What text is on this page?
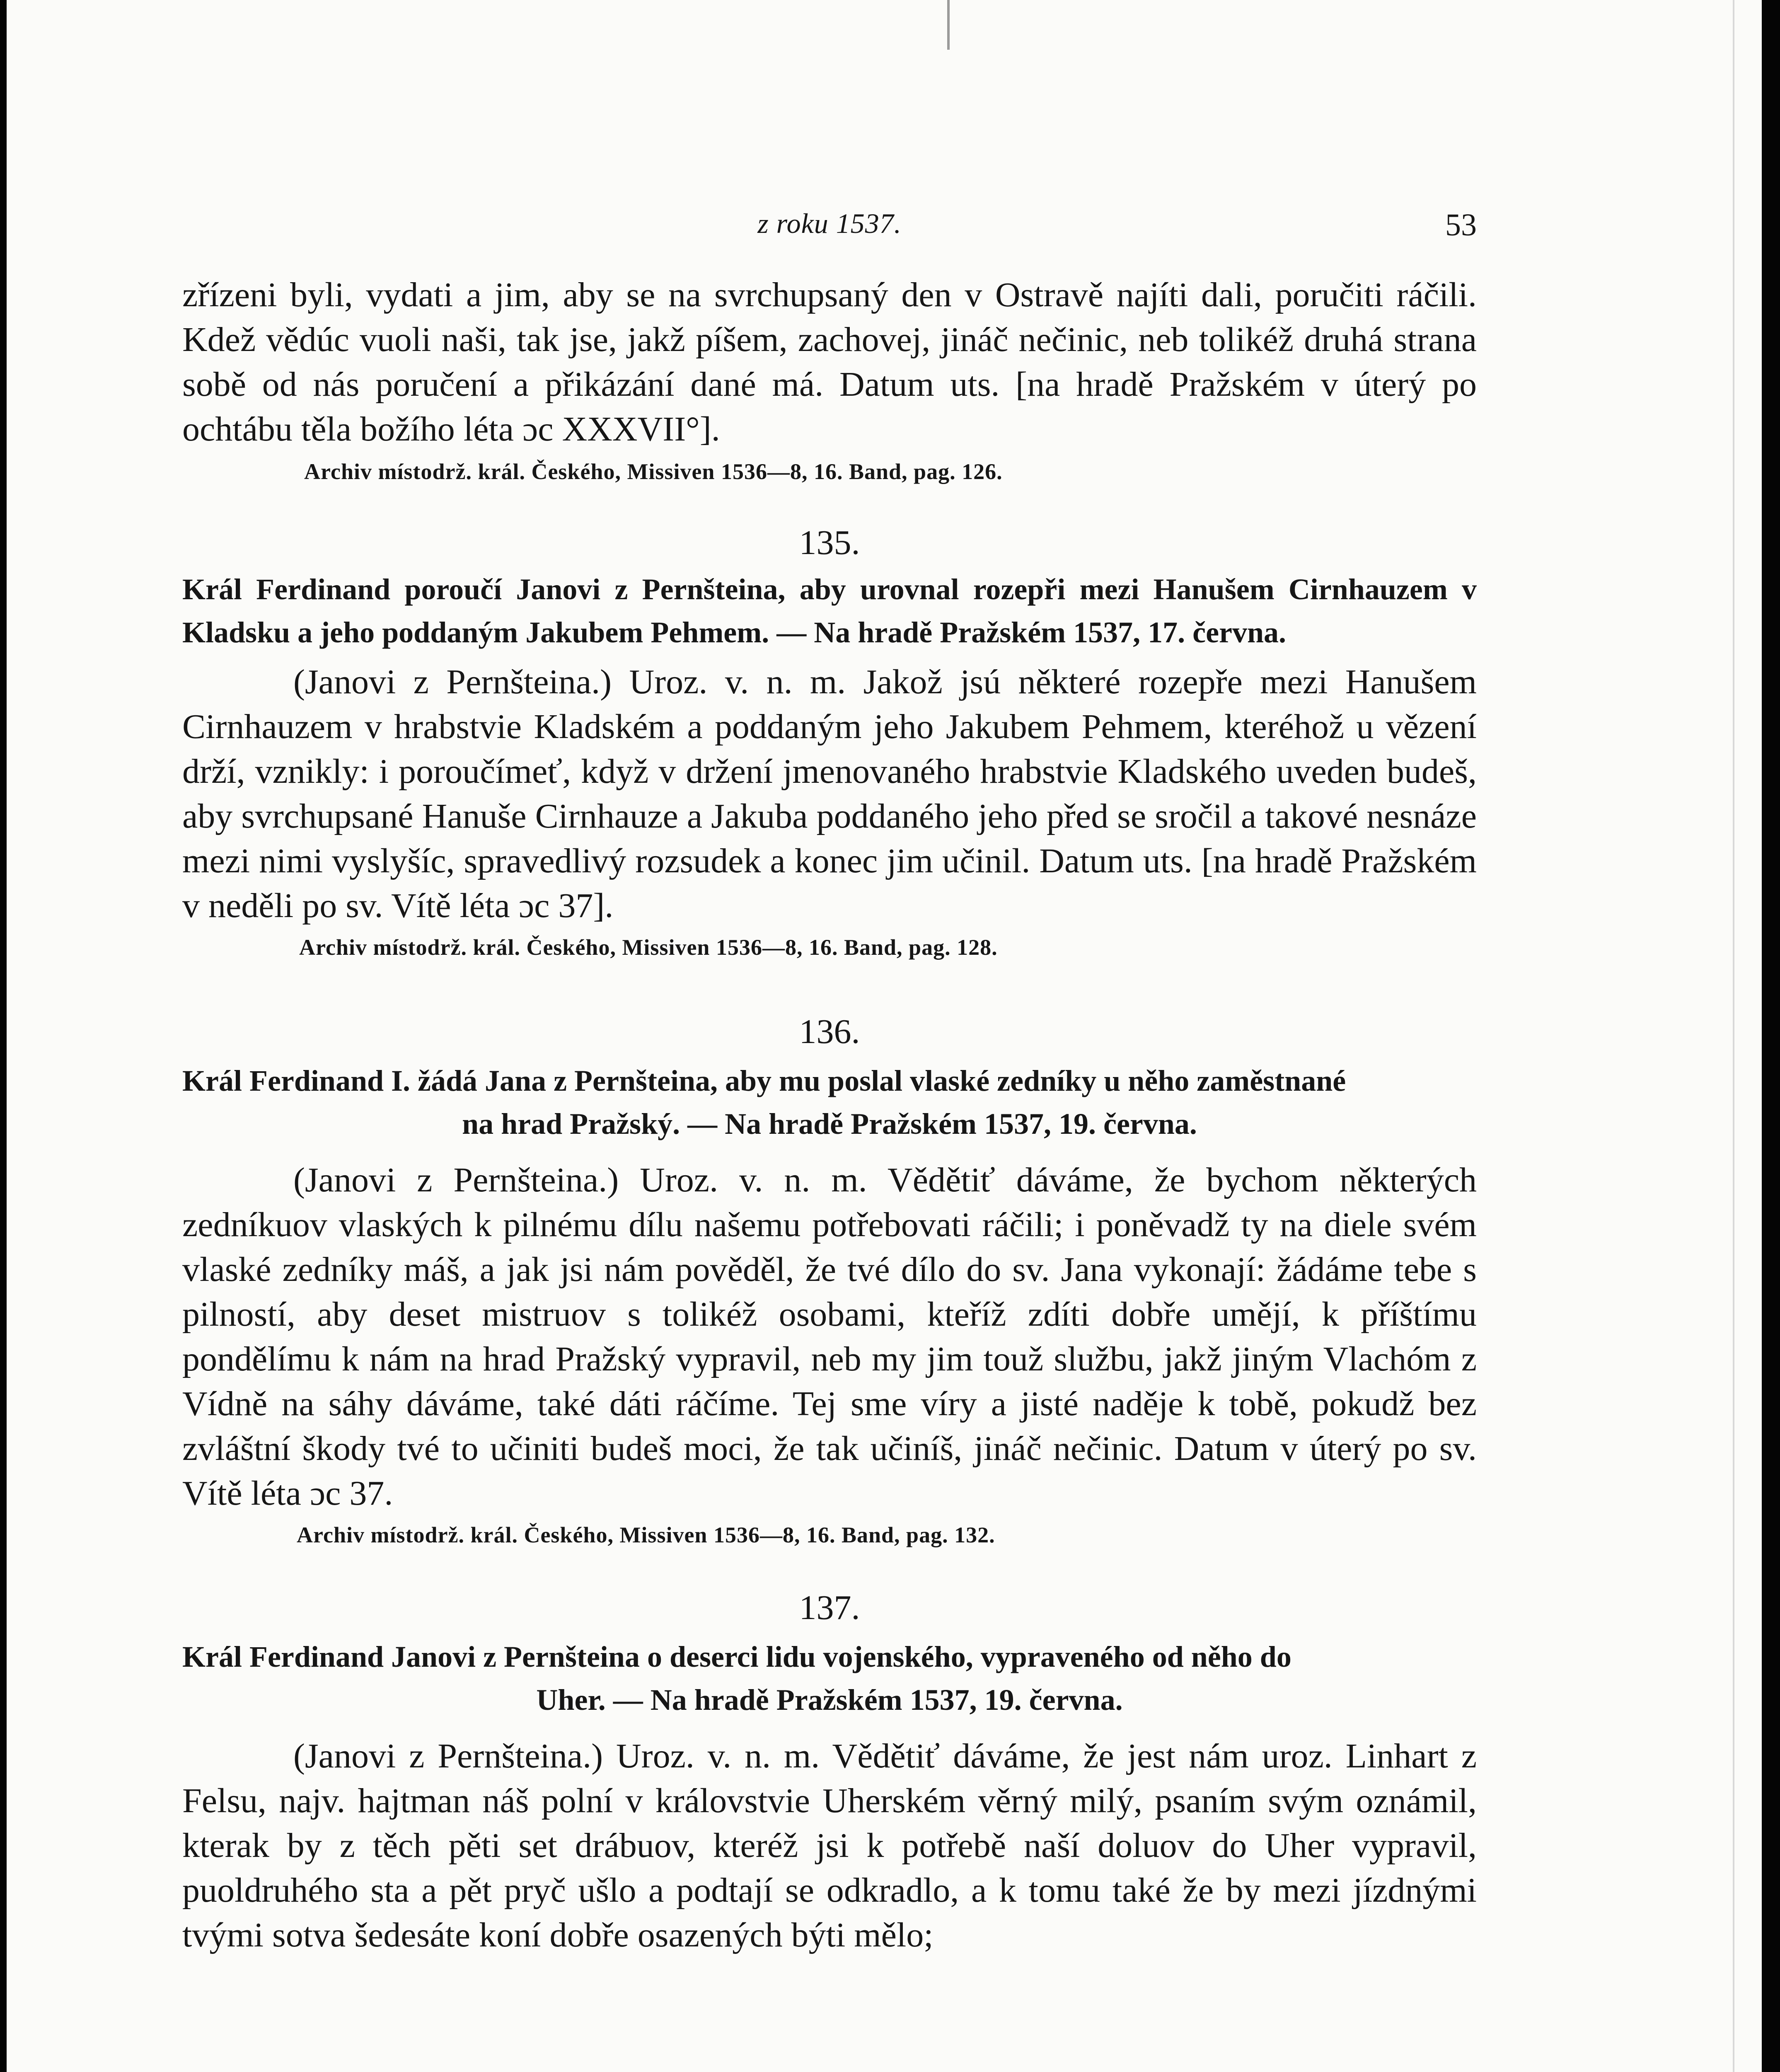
z roku 1537.	53

zřízeni byli, vydati a jim, aby se na svrchupsaný den v Ostravě najíti dali, poručiti ráčili. Kdež vědúc vuoli naši, tak jse, jakž píšem, zachovej, jináč nečinic, neb tolikéž druhá strana sobě od nás poručení a přikázání dané má. Datum uts. [na hradě Pražském v úterý po ochtábu těla božího léta ɔc XXXVII°].

Archiv místodrž. král. Českého, Missiven 1536—8, 16. Band, pag. 126.

135.

Král Ferdinand poroučí Janovi z Pernšteina, aby urovnal rozepři mezi Hanušem Cirnhauzem v Kladsku a jeho poddaným Jakubem Pehmem. — Na hradě Pražském 1537, 17. června.

(Janovi z Pernšteina.) Uroz. v. n. m. Jakož jsú některé rozepře mezi Hanušem Cirnhauzem v hrabstvie Kladském a poddaným jeho Jakubem Pehmem, kteréhož u vězení drží, vznikly: i poroučímeť, když v držení jmenovaného hrabstvie Kladského uveden budeš, aby svrchupsané Hanuše Cirnhauze a Jakuba poddaného jeho před se sročil a takové nesnáze mezi nimi vyslyšíc, spravedlivý rozsudek a konec jim učinil. Datum uts. [na hradě Pražském v neděli po sv. Vítě léta ɔc 37].

Archiv místodrž. král. Českého, Missiven 1536—8, 16. Band, pag. 128.

136.

Král Ferdinand I. žádá Jana z Pernšteina, aby mu poslal vlaské zedníky u něho zaměstnané

na hrad Pražský. — Na hradě Pražském 1537, 19. června.

(Janovi z Pernšteina.) Uroz. v. n. m. Vědětiť dáváme, že bychom některých zedníkuov vlaských k pilnému dílu našemu potřebovati ráčili; i poněvadž ty na diele svém vlaské zedníky máš, a jak jsi nám pověděl, že tvé dílo do sv. Jana vykonají: žádáme tebe s pilností, aby deset mistruov s tolikéž osobami, kteříž zdíti dobře umějí, k příštímu pondělímu k nám na hrad Pražský vypravil, neb my jim touž službu, jakž jiným Vlachóm z Vídně na sáhy dáváme, také dáti ráčíme. Tej sme víry a jisté naděje k tobě, pokudž bez zvláštní škody tvé to učiniti budeš moci, že tak učiníš, jináč nečinic. Datum v úterý po sv. Vítě léta ɔc 37.

Archiv místodrž. král. Českého, Missiven 1536—8, 16. Band, pag. 132.

137.

Král Ferdinand Janovi z Pernšteina o deserci lidu vojenského, vypraveného od něho do

Uher. — Na hradě Pražském 1537, 19. června.

(Janovi z Pernšteina.) Uroz. v. n. m. Vědětiť dáváme, že jest nám uroz. Linhart z Felsu, najv. hajtman náš polní v královstvie Uherském věrný milý, psaním svým oznámil, kterak by z těch pěti set drábuov, kteréž jsi k potřebě naší doluov do Uher vypravil, puoldruhého sta a pět pryč ušlo a podtají se odkradlo, a k tomu také že by mezi jízdnými tvými sotva šedesáte koní dobře osazených býti mělo;
